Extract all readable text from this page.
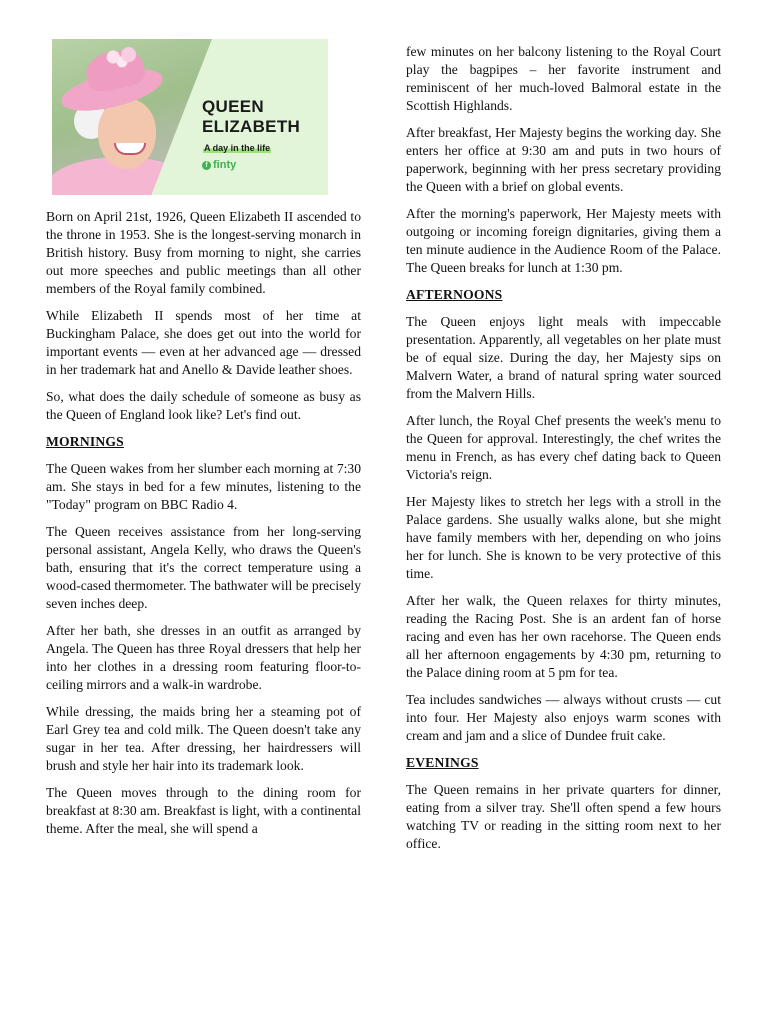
QUEEN ELIZABETH
A day in the life
f finty

Born on April 21st, 1926, Queen Elizabeth II ascended to the throne in 1953. She is the longest-serving monarch in British history. Busy from morning to night, she carries out more speeches and public meetings than all other members of the Royal family combined.

While Elizabeth II spends most of her time at Buckingham Palace, she does get out into the world for important events — even at her advanced age — dressed in her trademark hat and Anello & Davide leather shoes.

So, what does the daily schedule of someone as busy as the Queen of England look like? Let's find out.

MORNINGS

The Queen wakes from her slumber each morning at 7:30 am. She stays in bed for a few minutes, listening to the "Today" program on BBC Radio 4.

The Queen receives assistance from her long-serving personal assistant, Angela Kelly, who draws the Queen's bath, ensuring that it's the correct temperature using a wood-cased thermometer. The bathwater will be precisely seven inches deep.

After her bath, she dresses in an outfit as arranged by Angela. The Queen has three Royal dressers that help her into her clothes in a dressing room featuring floor-to-ceiling mirrors and a walk-in wardrobe.

While dressing, the maids bring her a steaming pot of Earl Grey tea and cold milk. The Queen doesn't take any sugar in her tea. After dressing, her hairdressers will brush and style her hair into its trademark look.

The Queen moves through to the dining room for breakfast at 8:30 am. Breakfast is light, with a continental theme. After the meal, she will spend a

few minutes on her balcony listening to the Royal Court play the bagpipes – her favorite instrument and reminiscent of her much-loved Balmoral estate in the Scottish Highlands.

After breakfast, Her Majesty begins the working day. She enters her office at 9:30 am and puts in two hours of paperwork, beginning with her press secretary providing the Queen with a brief on global events.

After the morning's paperwork, Her Majesty meets with outgoing or incoming foreign dignitaries, giving them a ten minute audience in the Audience Room of the Palace. The Queen breaks for lunch at 1:30 pm.

AFTERNOONS

The Queen enjoys light meals with impeccable presentation. Apparently, all vegetables on her plate must be of equal size. During the day, her Majesty sips on Malvern Water, a brand of natural spring water sourced from the Malvern Hills.

After lunch, the Royal Chef presents the week's menu to the Queen for approval. Interestingly, the chef writes the menu in French, as has every chef dating back to Queen Victoria's reign.

Her Majesty likes to stretch her legs with a stroll in the Palace gardens. She usually walks alone, but she might have family members with her, depending on who joins her for lunch. She is known to be very protective of this time.

After her walk, the Queen relaxes for thirty minutes, reading the Racing Post. She is an ardent fan of horse racing and even has her own racehorse. The Queen ends all her afternoon engagements by 4:30 pm, returning to the Palace dining room at 5 pm for tea.

Tea includes sandwiches — always without crusts — cut into four. Her Majesty also enjoys warm scones with cream and jam and a slice of Dundee fruit cake.

EVENINGS

The Queen remains in her private quarters for dinner, eating from a silver tray. She'll often spend a few hours watching TV or reading in the sitting room next to her office.
